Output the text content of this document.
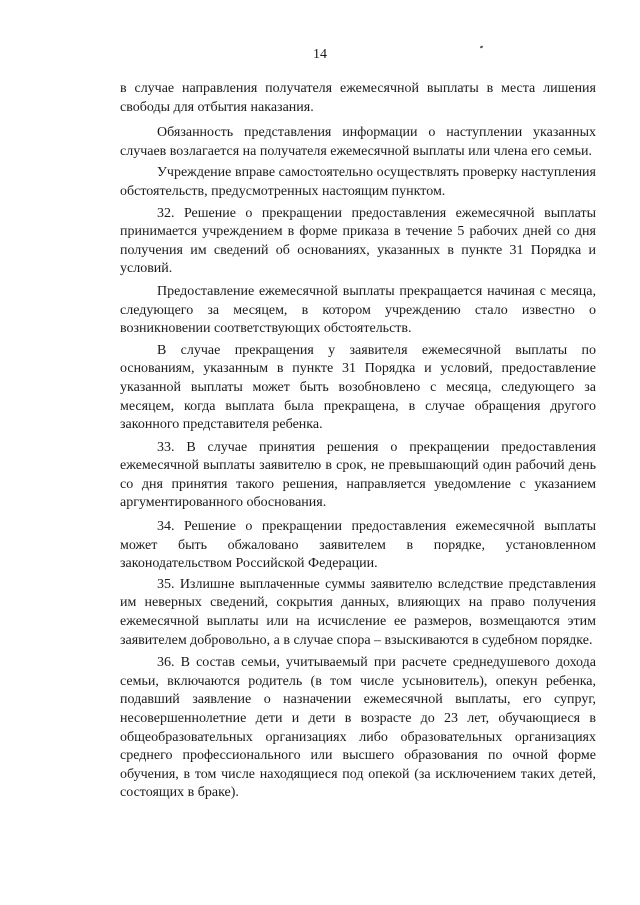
14

в случае направления получателя ежемесячной выплаты в места лишения свободы для отбытия наказания.

Обязанность представления информации о наступлении указанных случаев возлагается на получателя ежемесячной выплаты или члена его семьи.

Учреждение вправе самостоятельно осуществлять проверку наступления обстоятельств, предусмотренных настоящим пунктом.

32. Решение о прекращении предоставления ежемесячной выплаты принимается учреждением в форме приказа в течение 5 рабочих дней со дня получения им сведений об основаниях, указанных в пункте 31 Порядка и условий.

Предоставление ежемесячной выплаты прекращается начиная с месяца, следующего за месяцем, в котором учреждению стало известно о возникновении соответствующих обстоятельств.

В случае прекращения у заявителя ежемесячной выплаты по основаниям, указанным в пункте 31 Порядка и условий, предоставление указанной выплаты может быть возобновлено с месяца, следующего за месяцем, когда выплата была прекращена, в случае обращения другого законного представителя ребенка.

33. В случае принятия решения о прекращении предоставления ежемесячной выплаты заявителю в срок, не превышающий один рабочий день со дня принятия такого решения, направляется уведомление с указанием аргументированного обоснования.

34. Решение о прекращении предоставления ежемесячной выплаты может быть обжаловано заявителем в порядке, установленном законодательством Российской Федерации.

35. Излишне выплаченные суммы заявителю вследствие представления им неверных сведений, сокрытия данных, влияющих на право получения ежемесячной выплаты или на исчисление ее размеров, возмещаются этим заявителем добровольно, а в случае спора – взыскиваются в судебном порядке.

36. В состав семьи, учитываемый при расчете среднедушевого дохода семьи, включаются родитель (в том числе усыновитель), опекун ребенка, подавший заявление о назначении ежемесячной выплаты, его супруг, несовершеннолетние дети и дети в возрасте до 23 лет, обучающиеся в общеобразовательных организациях либо образовательных организациях среднего профессионального или высшего образования по очной форме обучения, в том числе находящиеся под опекой (за исключением таких детей, состоящих в браке).
